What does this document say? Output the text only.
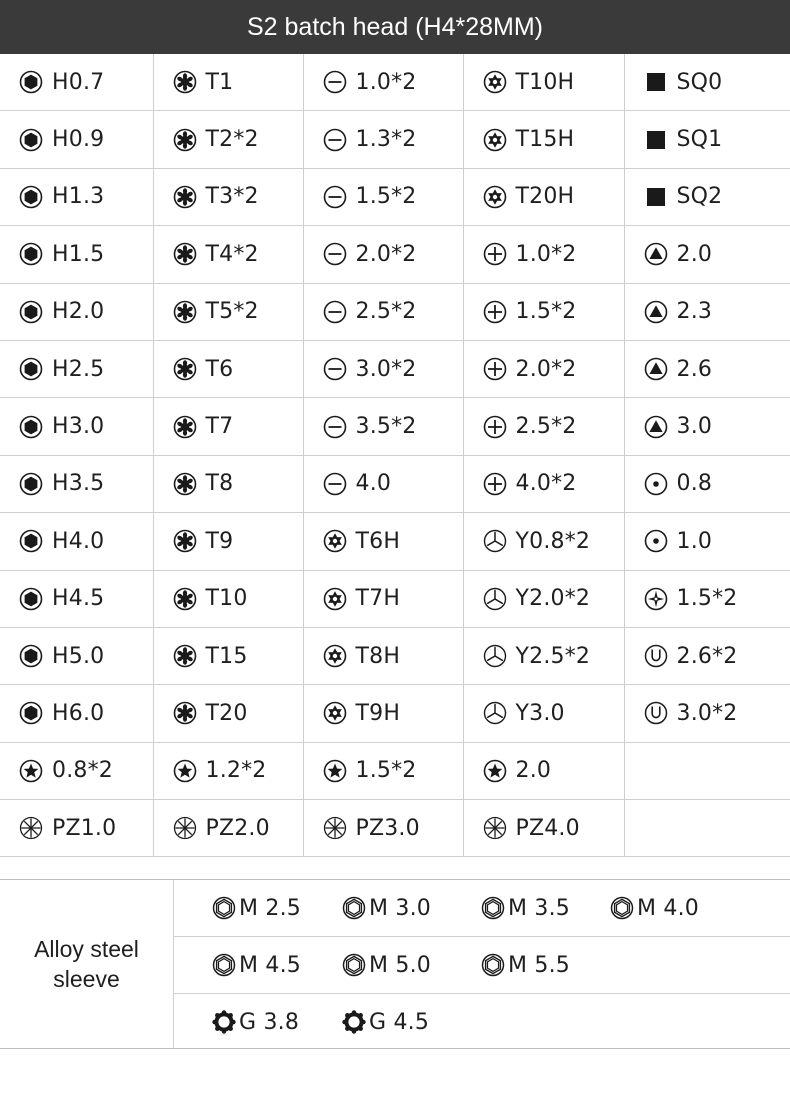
S2 batch head (H4*28MM)
H0.7	T1	1.0*2	T10H	SQ0

H0.9	T2*2	1.3*2	T15H	SQ1

H1.3	T3*2	1.5*2	T20H	SQ2

H1.5	T4*2	2.0*2	1.0*2	2.0

H2.0	T5*2	2.5*2	1.5*2	2.3

H2.5	T6	3.0*2	2.0*2	2.6

H3.0	T7	3.5*2	2.5*2	3.0

H3.5	T8	4.0	4.0*2	0.8

H4.0	T9	T6H	Y0.8*2	1.0

H4.5	T10	T7H	Y2.0*2	1.5*2

H5.0	T15	T8H	Y2.5*2	2.6*2

H6.0	T20	T9H	Y3.0	3.0*2

0.8*2	1.2*2	1.5*2	2.0	

PZ1.0	PZ2.0	PZ3.0	PZ4.0	

Alloy steel
sleeve
M 2.5	M 3.0	M 3.5	M 4.0
M 4.5	M 5.0	M 5.5
G 3.8	G 4.5
